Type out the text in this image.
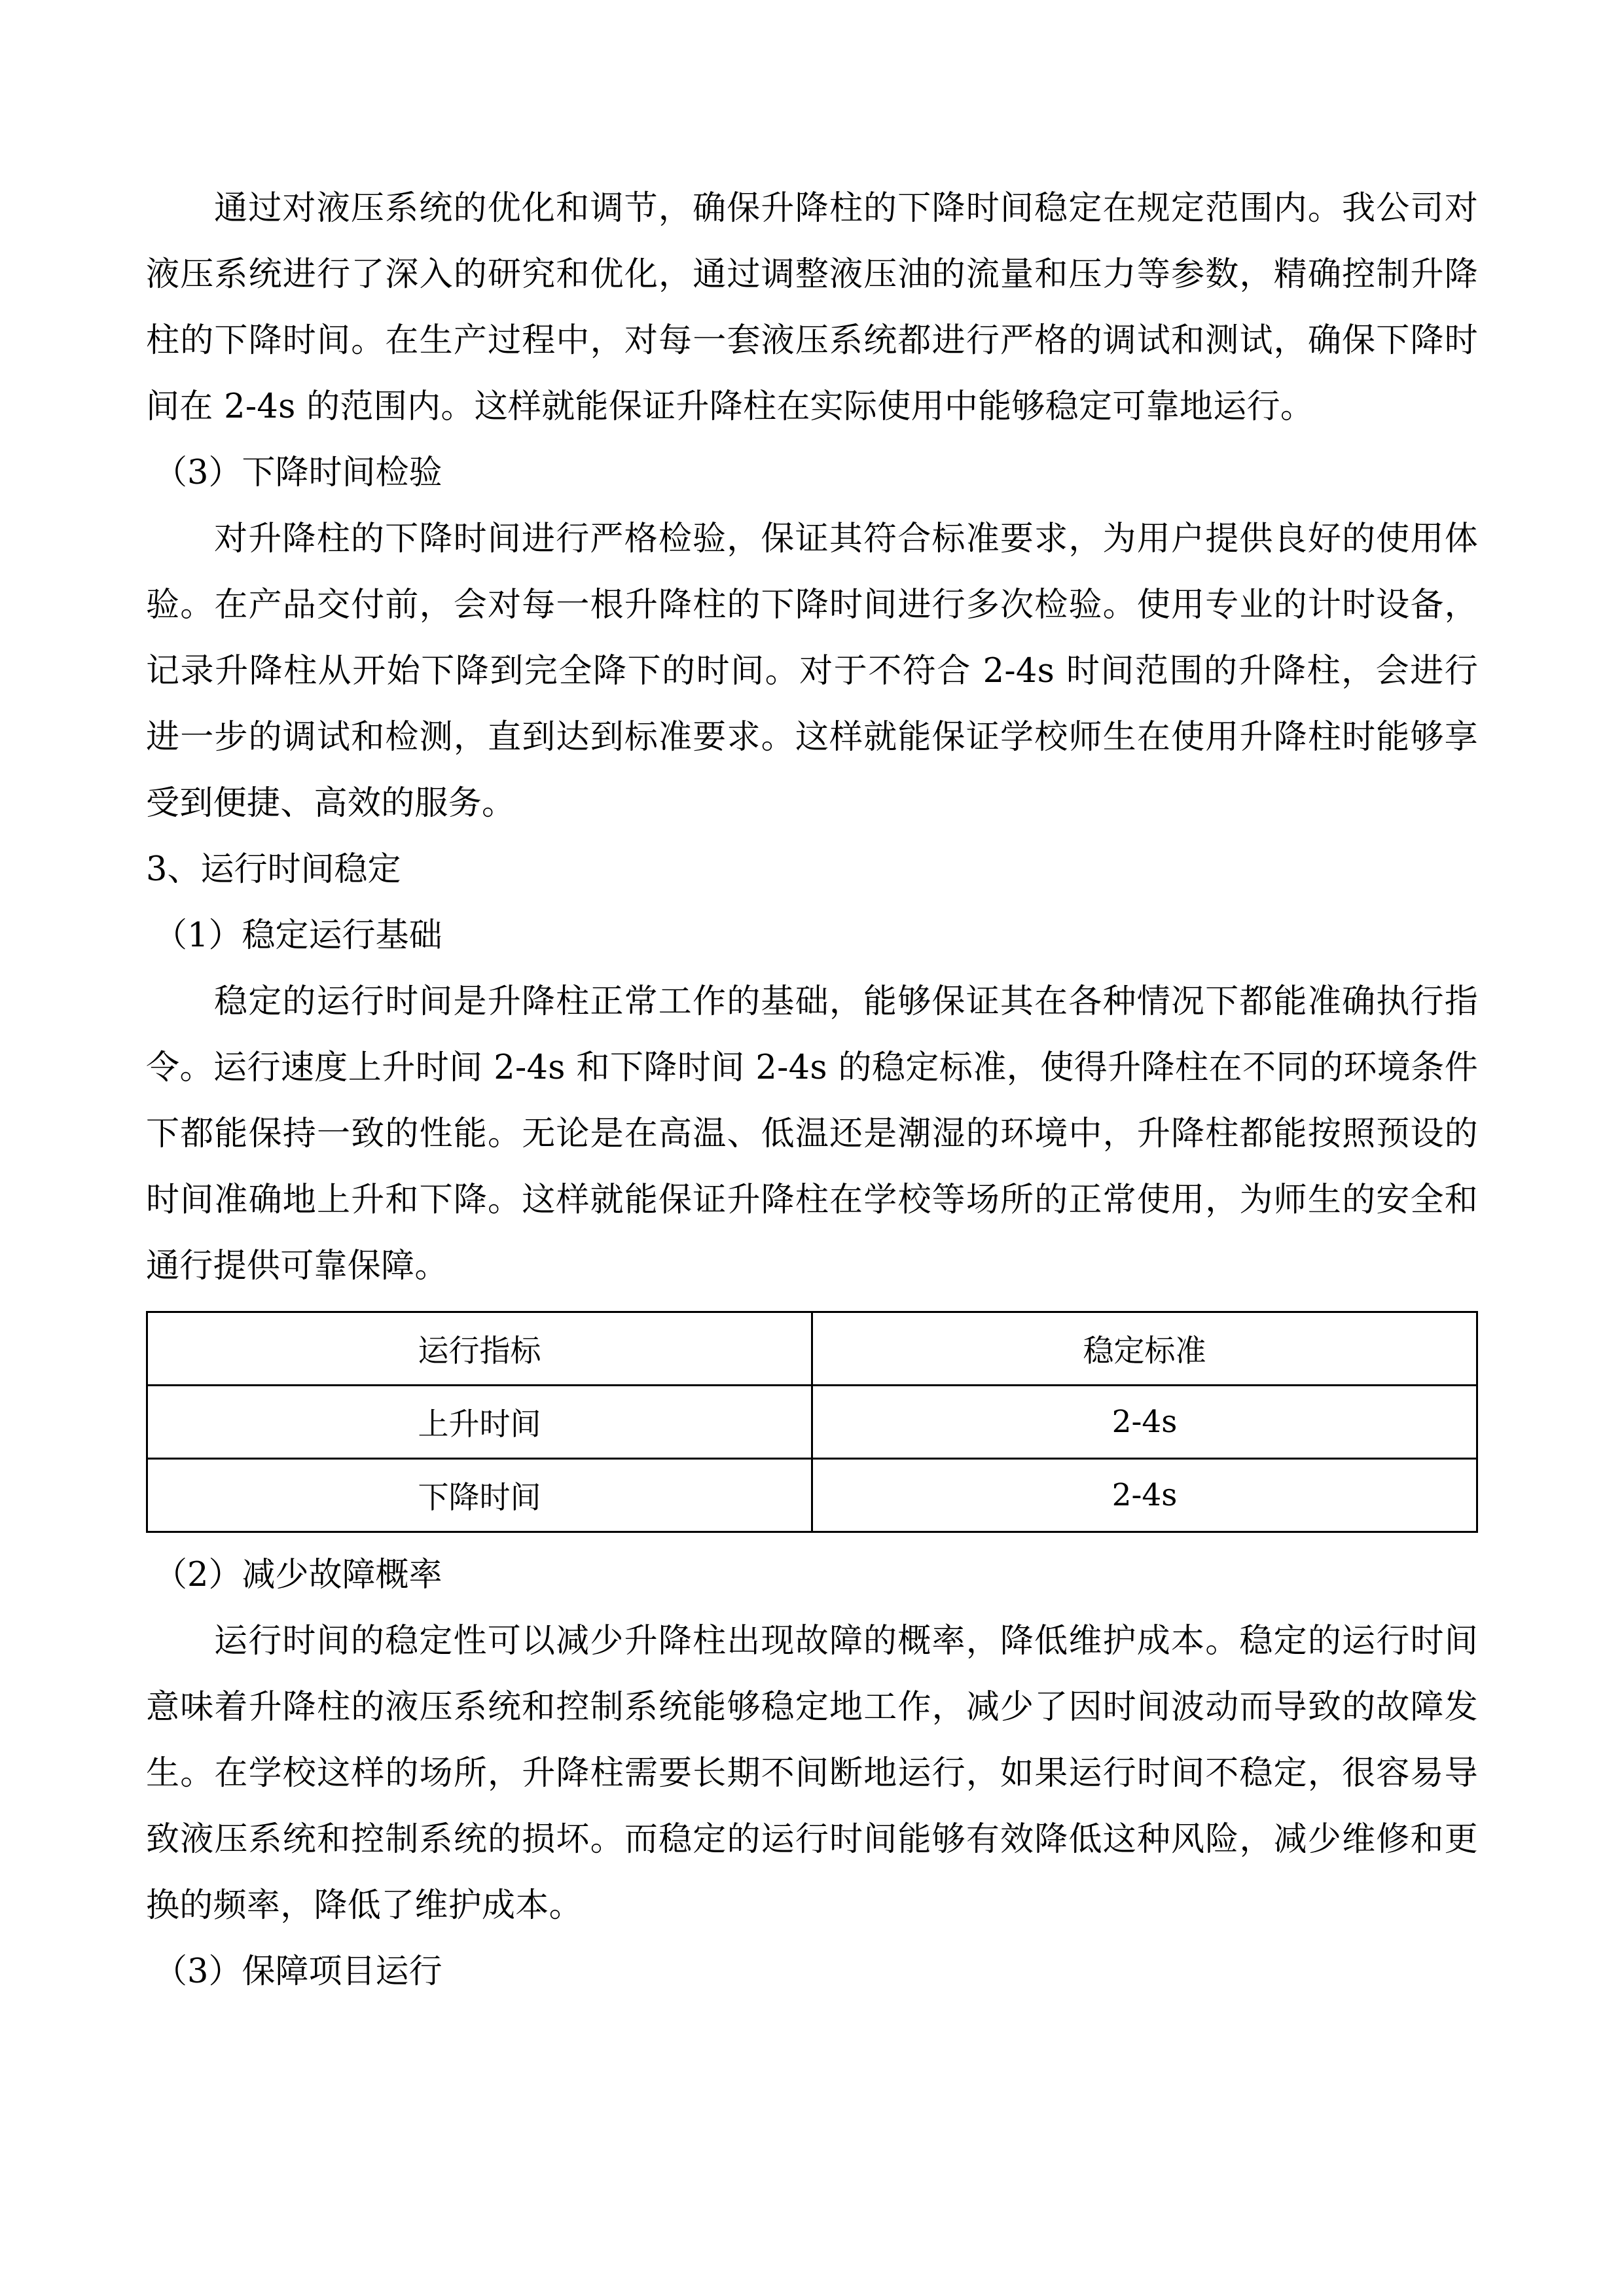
通过对液压系统的优化和调节，确保升降柱的下降时间稳定在规定范围内。我公司对液压系统进行了深入的研究和优化，通过调整液压油的流量和压力等参数，精确控制升降柱的下降时间。在生产过程中，对每一套液压系统都进行严格的调试和测试，确保下降时间在 2-4s 的范围内。这样就能保证升降柱在实际使用中能够稳定可靠地运行。

（3）下降时间检验

对升降柱的下降时间进行严格检验，保证其符合标准要求，为用户提供良好的使用体验。在产品交付前，会对每一根升降柱的下降时间进行多次检验。使用专业的计时设备，记录升降柱从开始下降到完全降下的时间。对于不符合 2-4s 时间范围的升降柱，会进行进一步的调试和检测，直到达到标准要求。这样就能保证学校师生在使用升降柱时能够享受到便捷、高效的服务。

3、运行时间稳定

（1）稳定运行基础

稳定的运行时间是升降柱正常工作的基础，能够保证其在各种情况下都能准确执行指令。运行速度上升时间 2-4s 和下降时间 2-4s 的稳定标准，使得升降柱在不同的环境条件下都能保持一致的性能。无论是在高温、低温还是潮湿的环境中，升降柱都能按照预设的时间准确地上升和下降。这样就能保证升降柱在学校等场所的正常使用，为师生的安全和通行提供可靠保障。

运行指标	稳定标准
上升时间	2-4s
下降时间	2-4s

（2）减少故障概率

运行时间的稳定性可以减少升降柱出现故障的概率，降低维护成本。稳定的运行时间意味着升降柱的液压系统和控制系统能够稳定地工作，减少了因时间波动而导致的故障发生。在学校这样的场所，升降柱需要长期不间断地运行，如果运行时间不稳定，很容易导致液压系统和控制系统的损坏。而稳定的运行时间能够有效降低这种风险，减少维修和更换的频率，降低了维护成本。

（3）保障项目运行
